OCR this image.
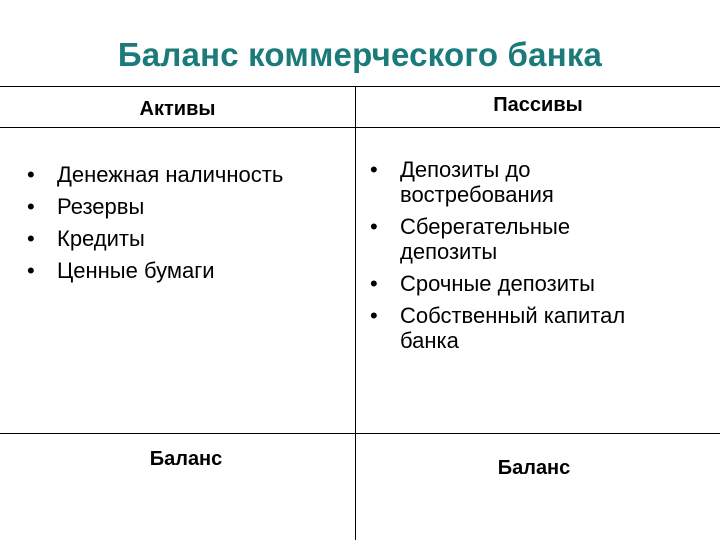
Баланс коммерческого банка
Активы	Пассивы
• Денежная наличность
• Резервы
• Кредиты
• Ценные бумаги
• Депозиты до востребования
• Сберегательные депозиты
• Срочные депозиты
• Собственный капитал банка
Баланс	Баланс
